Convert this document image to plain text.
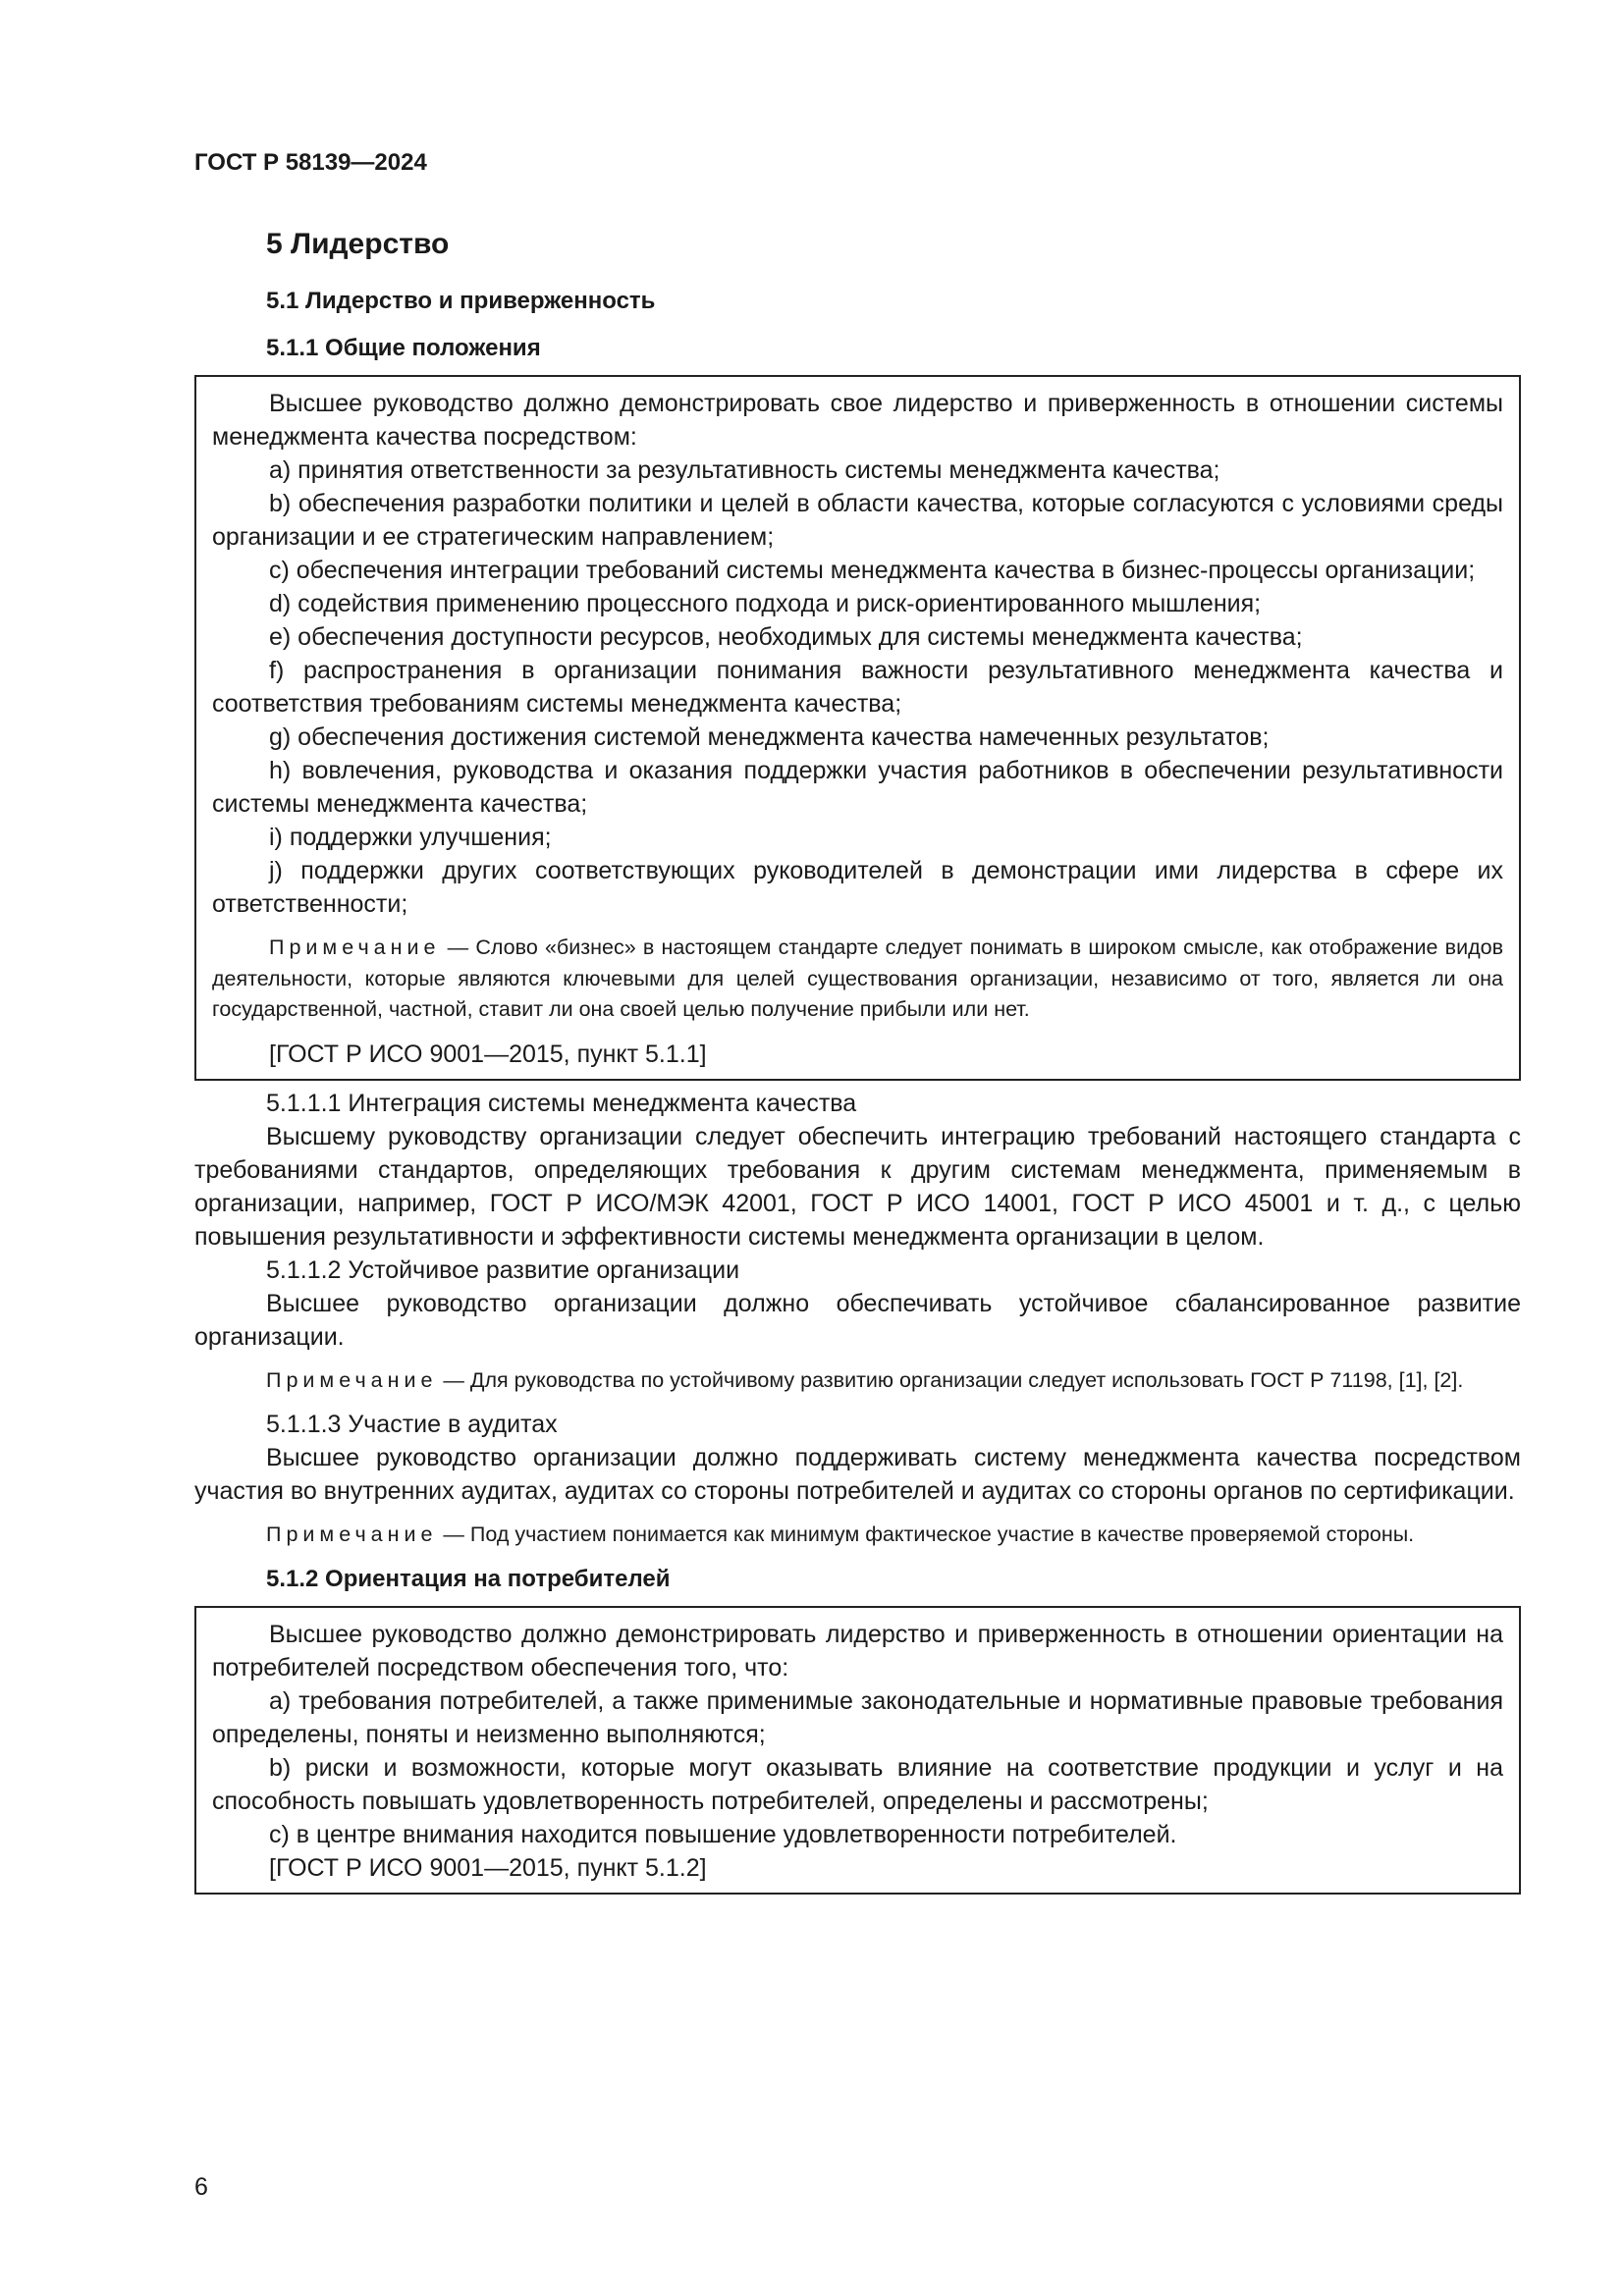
ГОСТ Р 58139—2024
5 Лидерство
5.1 Лидерство и приверженность
5.1.1 Общие положения

Высшее руководство должно демонстрировать свое лидерство и приверженность в отношении системы менеджмента качества посредством:

a) принятия ответственности за результативность системы менеджмента качества;

b) обеспечения разработки политики и целей в области качества, которые согласуются с условиями среды организации и ее стратегическим направлением;

c) обеспечения интеграции требований системы менеджмента качества в бизнес-процессы организации;

d) содействия применению процессного подхода и риск-ориентированного мышления;

e) обеспечения доступности ресурсов, необходимых для системы менеджмента качества;

f) распространения в организации понимания важности результативного менеджмента качества и соответствия требованиям системы менеджмента качества;

g) обеспечения достижения системой менеджмента качества намеченных результатов;

h) вовлечения, руководства и оказания поддержки участия работников в обеспечении результативности системы менеджмента качества;

i) поддержки улучшения;

j) поддержки других соответствующих руководителей в демонстрации ими лидерства в сфере их ответственности;

Примечание — Слово «бизнес» в настоящем стандарте следует понимать в широком смысле, как отображение видов деятельности, которые являются ключевыми для целей существования организации, независимо от того, является ли она государственной, частной, ставит ли она своей целью получение прибыли или нет.

[ГОСТ Р ИСО 9001—2015, пункт 5.1.1]

5.1.1.1 Интеграция системы менеджмента качества

Высшему руководству организации следует обеспечить интеграцию требований настоящего стандарта с требованиями стандартов, определяющих требования к другим системам менеджмента, применяемым в организации, например, ГОСТ Р ИСО/МЭК 42001, ГОСТ Р ИСО 14001, ГОСТ Р ИСО 45001 и т. д., с целью повышения результативности и эффективности системы менеджмента организации в целом.

5.1.1.2 Устойчивое развитие организации

Высшее руководство организации должно обеспечивать устойчивое сбалансированное развитие организации.

Примечание — Для руководства по устойчивому развитию организации следует использовать ГОСТ Р 71198, [1], [2].

5.1.1.3 Участие в аудитах

Высшее руководство организации должно поддерживать систему менеджмента качества посредством участия во внутренних аудитах, аудитах со стороны потребителей и аудитах со стороны органов по сертификации.

Примечание — Под участием понимается как минимум фактическое участие в качестве проверяемой стороны.

5.1.2 Ориентация на потребителей

Высшее руководство должно демонстрировать лидерство и приверженность в отношении ориентации на потребителей посредством обеспечения того, что:

a) требования потребителей, а также применимые законодательные и нормативные правовые требования определены, поняты и неизменно выполняются;

b) риски и возможности, которые могут оказывать влияние на соответствие продукции и услуг и на способность повышать удовлетворенность потребителей, определены и рассмотрены;

c) в центре внимания находится повышение удовлетворенности потребителей.

[ГОСТ Р ИСО 9001—2015, пункт 5.1.2]

6
